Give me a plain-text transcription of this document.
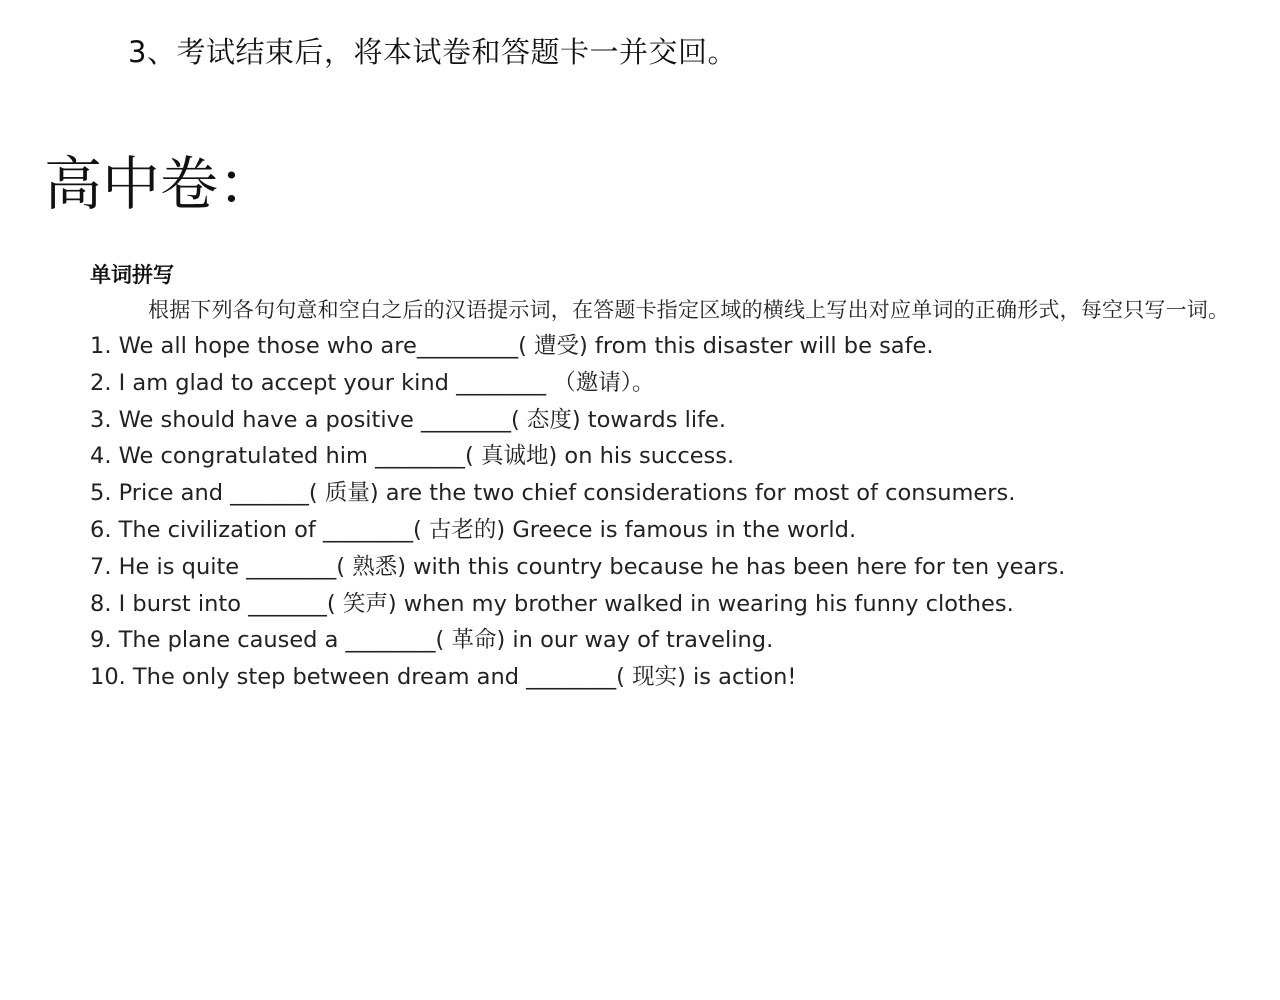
3、考试结束后，将本试卷和答题卡一并交回。
高中卷：

单词拼写

根据下列各句句意和空白之后的汉语提示词，在答题卡指定区域的横线上写出对应单词的正确形式，每空只写一词。

1. We all hope those who are_________( 遭受) from this disaster will be safe.
2. I am glad to accept your kind ________ （邀请）。
3. We should have a positive ________( 态度) towards life.
4. We congratulated him ________( 真诚地) on his success.
5. Price and _______( 质量) are the two chief considerations for most of consumers.
6. The civilization of ________( 古老的) Greece is famous in the world.
7. He is quite ________( 熟悉) with this country because he has been here for ten years.
8. I burst into _______( 笑声) when my brother walked in wearing his funny clothes.
9. The plane caused a ________( 革命) in our way of traveling.
10. The only step between dream and ________( 现实) is action!
